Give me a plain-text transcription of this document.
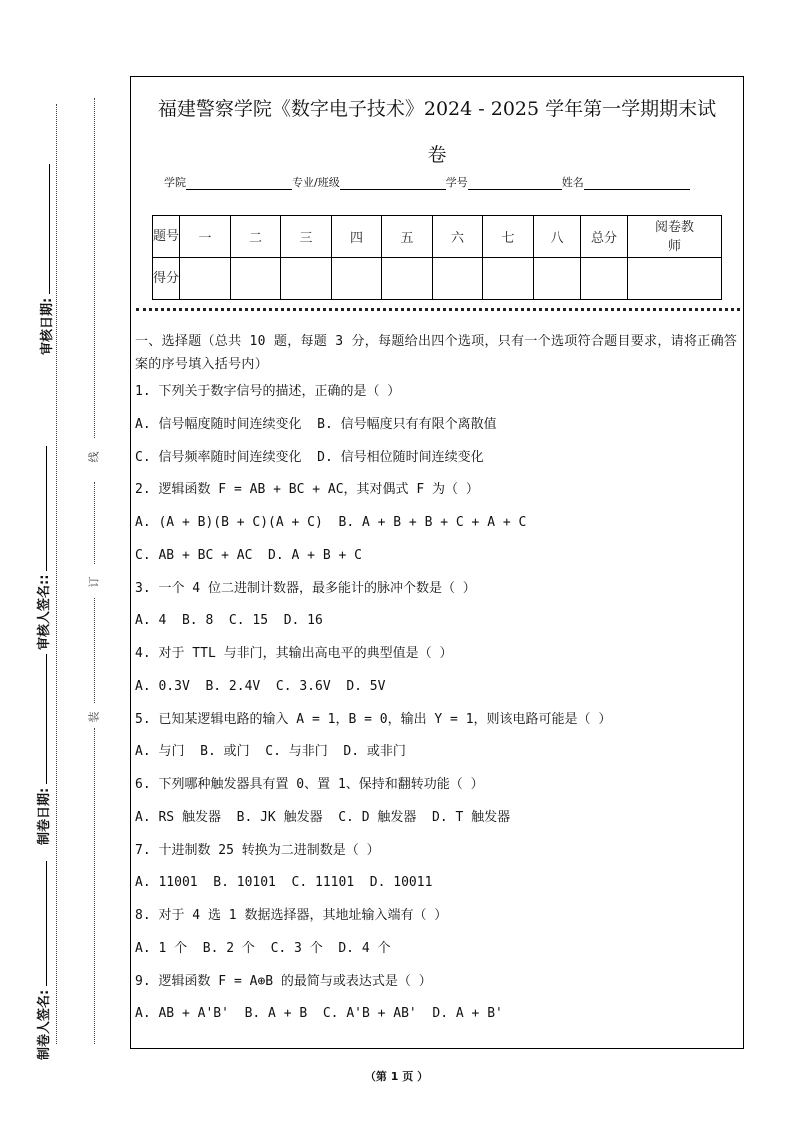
审核日期:
审核人签名::
制卷日期:
制卷人签名:
线
订
装
福建警察学院《数字电子技术》2024 - 2025 学年第一学期期末试
卷
学院	专业/班级	学号	姓名
题号	一	二	三	四	五	六	七	八	总分	阅卷教师
得分										
一、选择题（总共 10 题，每题 3 分，每题给出四个选项，只有一个选项符合题目要求，请将正确答案的序号填入括号内）
1. 下列关于数字信号的描述，正确的是（ ）
A. 信号幅度随时间连续变化  B. 信号幅度只有有限个离散值
C. 信号频率随时间连续变化  D. 信号相位随时间连续变化
2. 逻辑函数 F = AB + BC + AC，其对偶式 F 为（ ）
A. (A + B)(B + C)(A + C)  B. A + B + B + C + A + C
C. AB + BC + AC  D. A + B + C
3. 一个 4 位二进制计数器，最多能计的脉冲个数是（ ）
A. 4  B. 8  C. 15  D. 16
4. 对于 TTL 与非门，其输出高电平的典型值是（ ）
A. 0.3V  B. 2.4V  C. 3.6V  D. 5V
5. 已知某逻辑电路的输入 A = 1，B = 0，输出 Y = 1，则该电路可能是（ ）
A. 与门  B. 或门  C. 与非门  D. 或非门
6. 下列哪种触发器具有置 0、置 1、保持和翻转功能（ ）
A. RS 触发器  B. JK 触发器  C. D 触发器  D. T 触发器
7. 十进制数 25 转换为二进制数是（ ）
A. 11001  B. 10101  C. 11101  D. 10011
8. 对于 4 选 1 数据选择器，其地址输入端有（ ）
A. 1 个  B. 2 个  C. 3 个  D. 4 个
9. 逻辑函数 F = A⊕B 的最简与或表达式是（ ）
A. AB + A'B'  B. A + B  C. A'B + AB'  D. A + B'
（第 1 页 ）
